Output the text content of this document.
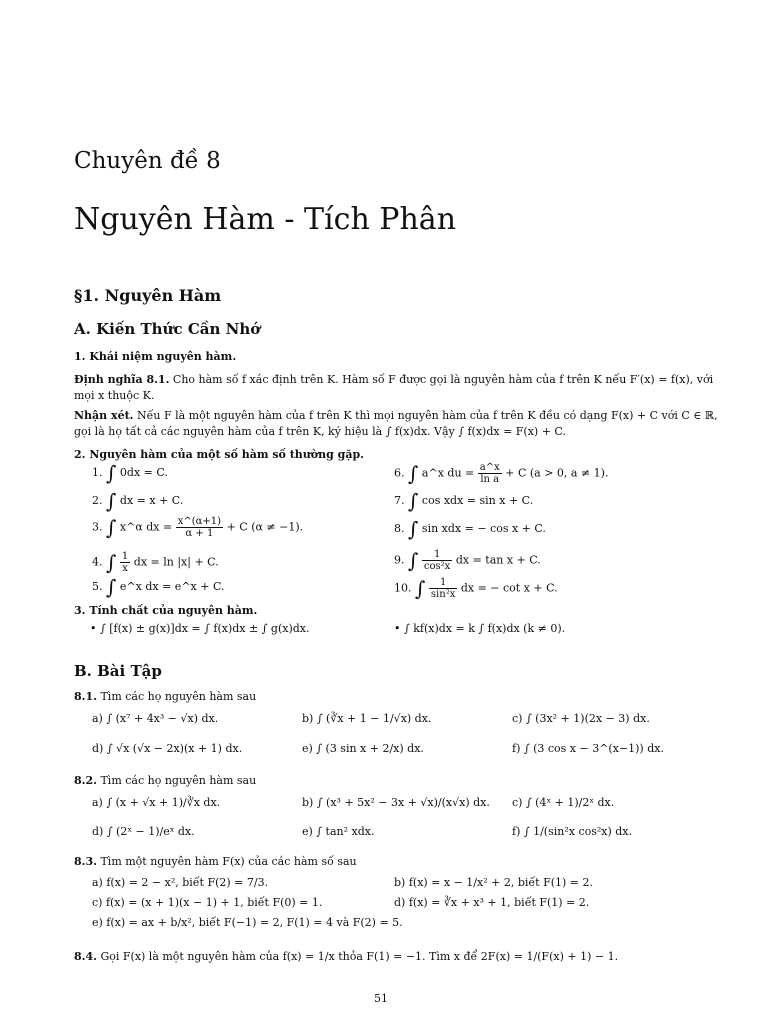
Chuyên đề 8
Nguyên Hàm - Tích Phân
§1. Nguyên Hàm
A. Kiến Thức Cần Nhớ
1. Khái niệm nguyên hàm.
Định nghĩa 8.1. Cho hàm số f xác định trên K. Hàm số F được gọi là nguyên hàm của f trên K nếu F′(x) = f(x), với mọi x thuộc K.
Nhận xét. Nếu F là một nguyên hàm của f trên K thì mọi nguyên hàm của f trên K đều có dạng F(x) + C với C ∈ ℝ, gọi là họ tất cả các nguyên hàm của f trên K, ký hiệu là ∫ f(x)dx. Vậy ∫ f(x)dx = F(x) + C.
2. Nguyên hàm của một số hàm số thường gặp.
1. ∫ 0dx = C.
2. ∫ dx = x + C.
3. ∫ x^α dx = $\frac{x\^{}(\alpha+1)}{\alpha + 1} + C$ (α ≠ −1).
4. ∫ $\frac{1}{x}$ dx = ln |x| + C.
5. ∫ e^x dx = e^x + C.
6. ∫ a^x du = $\frac{a\^{}x}{\text{ln a}} + C$ (a > 0, a ≠ 1).
7. ∫ cos xdx = sin x + C.
8. ∫ sin xdx = − cos x + C.
9. ∫ $\frac{1}{\text{cos²x}}$ dx = tan x + C.
10. ∫ $\frac{1}{\text{sin²x}}$ dx = − cot x + C.
3. Tính chất của nguyên hàm.
• ∫ [f(x) ± g(x)]dx = ∫ f(x)dx ± ∫ g(x)dx.	• ∫ kf(x)dx = k ∫ f(x)dx (k ≠ 0).
B. Bài Tập
8.1. Tìm các họ nguyên hàm sau
a) ∫ (x⁷ + 4x³ − √x) dx.	b) ∫ (∛x + 1 − 1/√x) dx.	c) ∫ (3x² + 1)(2x − 3) dx.
d) ∫ √x (√x − 2x)(x + 1) dx.	e) ∫ (3 sin x + 2/x) dx.	f) ∫ (3 cos x − 3^(x−1)) dx.
8.2. Tìm các họ nguyên hàm sau
a) ∫ (x + √x + 1)/∛x dx.	b) ∫ (x³ + 5x² − 3x + √x)/(x√x) dx. c) ∫ (4ˣ + 1)/2ˣ dx.
d) ∫ (2ˣ − 1)/eˣ dx.	e) ∫ tan² xdx.	f) ∫ 1/(sin²x cos²x) dx.
8.3. Tìm một nguyên hàm F(x) của các hàm số sau
a) f(x) = 2 − x², biết F(2) = 7/3.	b) f(x) = x − 1/x² + 2, biết F(1) = 2.
c) f(x) = (x + 1)(x − 1) + 1, biết F(0) = 1.	d) f(x) = ∛x + x³ + 1, biết F(1) = 2.
e) f(x) = ax + b/x², biết F(−1) = 2, F(1) = 4 và F(2) = 5.
8.4. Gọi F(x) là một nguyên hàm của f(x) = 1/x thỏa F(1) = −1. Tìm x để 2F(x) = 1/(F(x) + 1) − 1.
51
